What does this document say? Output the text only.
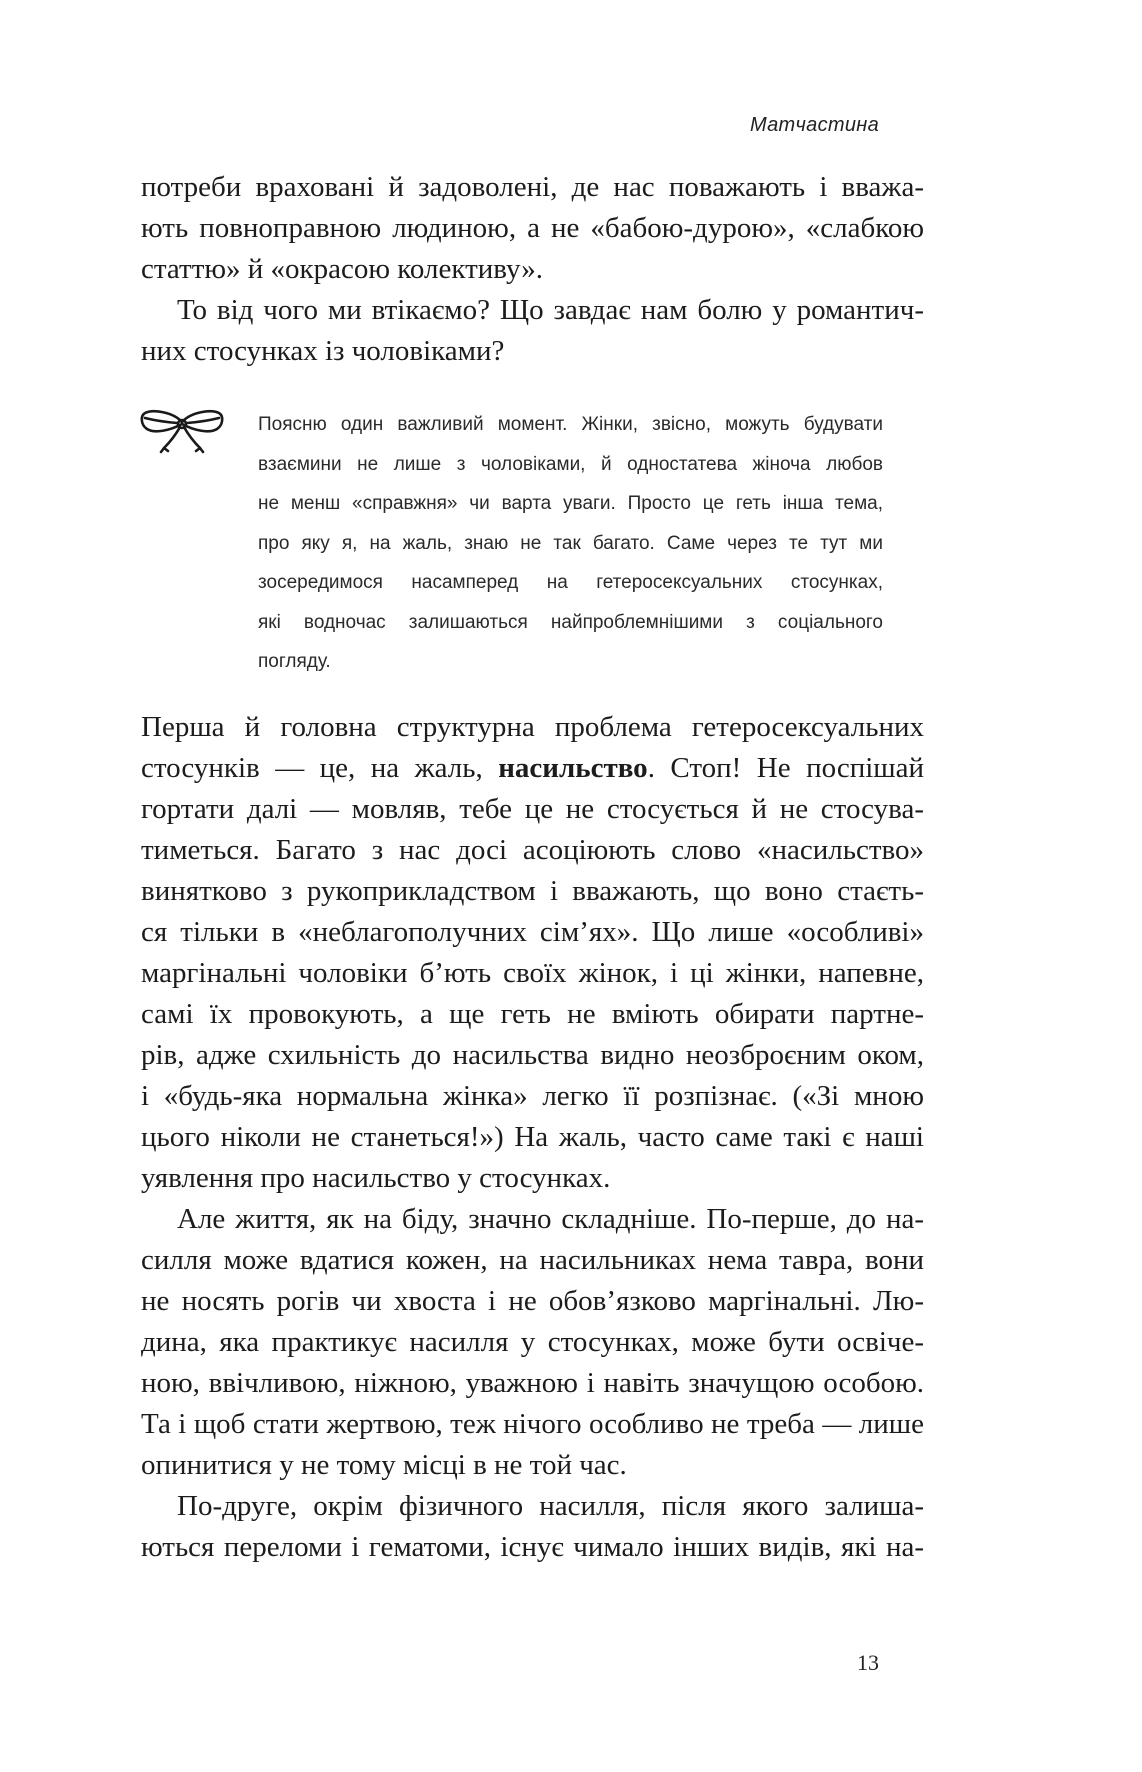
Матчастина
потреби враховані й задоволені, де нас поважають і вважа-
ють повноправною людиною, а не «бабою-дурою», «слабкою
статтю» й «окрасою колективу».
То від чого ми втікаємо? Що завдає нам болю у романтич-
них стосунках із чоловіками?
Поясню один важливий момент. Жінки, звісно, можуть будувати
взаємини не лише з чоловіками, й одностатева жіноча любов
не менш «справжня» чи варта уваги. Просто це геть інша тема,
про яку я, на жаль, знаю не так багато. Саме через те тут ми
зосередимося насамперед на гетеросексуальних стосунках,
які водночас залишаються найпроблемнішими з соціального
погляду.
Перша й головна структурна проблема гетеросексуальних
стосунків — це, на жаль, насильство. Стоп! Не поспішай
гортати далі — мовляв, тебе це не стосується й не стосува-
тиметься. Багато з нас досі асоціюють слово «насильство»
винятково з рукоприкладством і вважають, що воно стаєть-
ся тільки в «неблагополучних сім’ях». Що лише «особливі»
маргінальні чоловіки б’ють своїх жінок, і ці жінки, напевне,
самі їх провокують, а ще геть не вміють обирати партне-
рів, адже схильність до насильства видно неозброєним оком,
і «будь-яка нормальна жінка» легко її розпізнає. («Зі мною
цього ніколи не станеться!») На жаль, часто саме такі є наші
уявлення про насильство у стосунках.
Але життя, як на біду, значно складніше. По-перше, до на-
силля може вдатися кожен, на насильниках нема тавра, вони
не носять рогів чи хвоста і не обов’язково маргінальні. Лю-
дина, яка практикує насилля у стосунках, може бути освіче-
ною, ввічливою, ніжною, уважною і навіть значущою особою.
Та і щоб стати жертвою, теж нічого особливо не треба — лише
опинитися у не тому місці в не той час.
По-друге, окрім фізичного насилля, після якого залиша-
ються переломи і гематоми, існує чимало інших видів, які на-
13
